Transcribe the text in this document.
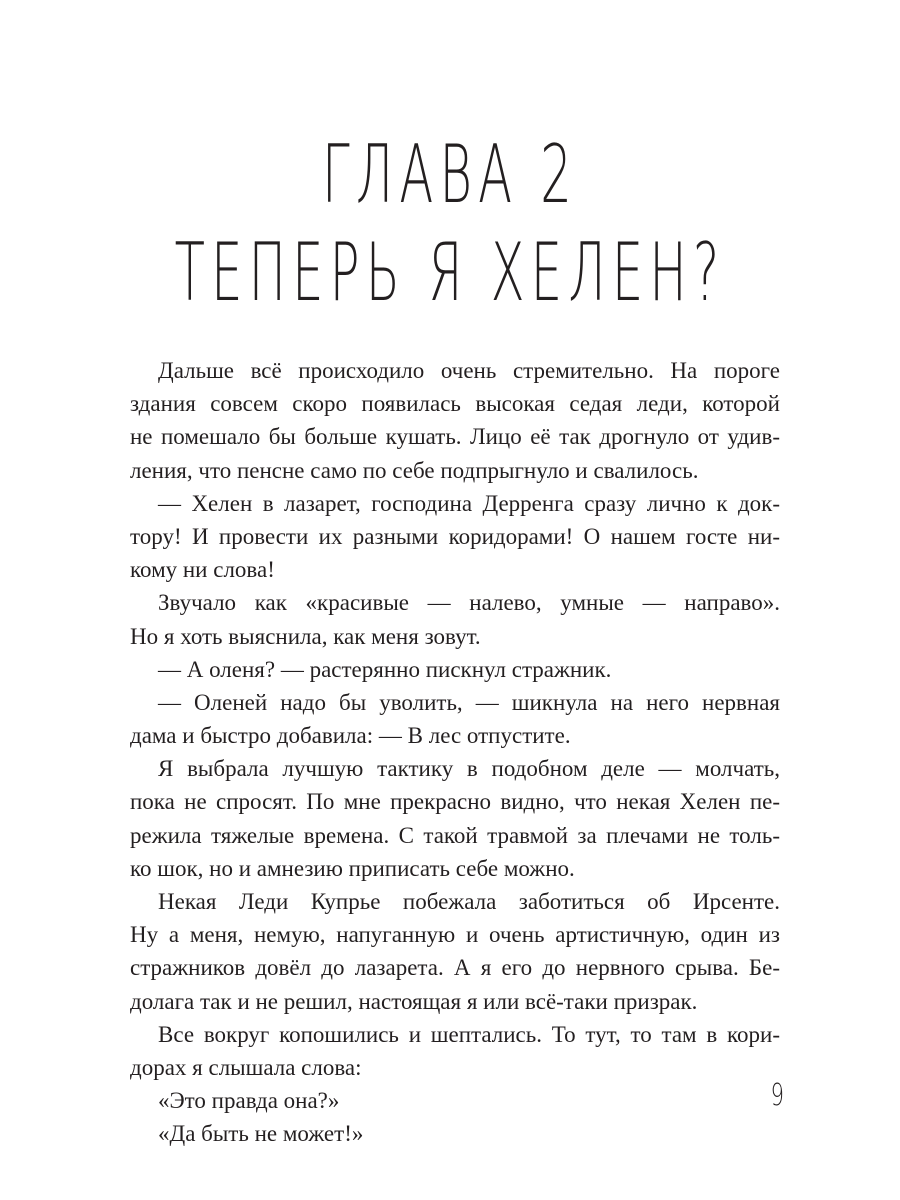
ГЛАВА 2
ТЕПЕРЬ Я ХЕЛЕН?
Дальше всё происходило очень стремительно. На пороге
здания совсем скоро появилась высокая седая леди, которой
не помешало бы больше кушать. Лицо её так дрогнуло от удив-
ления, что пенсне само по себе подпрыгнуло и свалилось.
— Хелен в лазарет, господина Дерренга сразу лично к док-
тору! И провести их разными коридорами! О нашем госте ни-
кому ни слова!
Звучало как «красивые — налево, умные — направо».
Но я хоть выяснила, как меня зовут.
— А оленя? — растерянно пискнул стражник.
— Оленей надо бы уволить, — шикнула на него нервная
дама и быстро добавила: — В лес отпустите.
Я выбрала лучшую тактику в подобном деле — молчать,
пока не спросят. По мне прекрасно видно, что некая Хелен пе-
режила тяжелые времена. С такой травмой за плечами не толь-
ко шок, но и амнезию приписать себе можно.
Некая Леди Купрье побежала заботиться об Ирсенте.
Ну а меня, немую, напуганную и очень артистичную, один из
стражников довёл до лазарета. А я его до нервного срыва. Бе-
долага так и не решил, настоящая я или всё-таки призрак.
Все вокруг копошились и шептались. То тут, то там в кори-
дорах я слышала слова:
«Это правда она?»
«Да быть не может!»
9
